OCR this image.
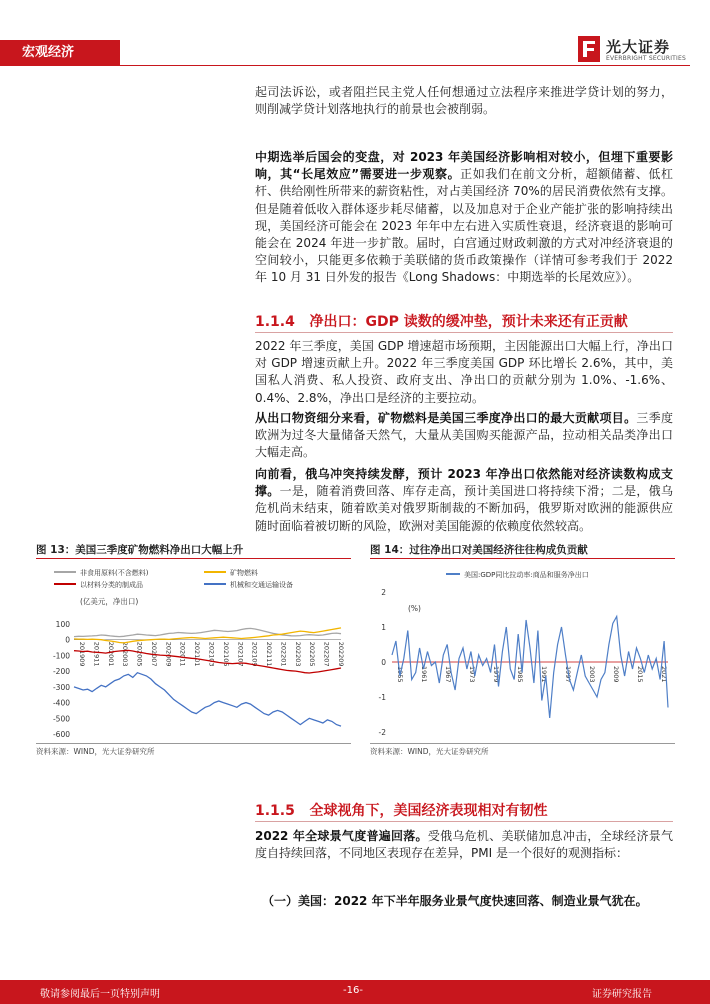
宏观经济	光大证券
EVERBRIGHT SECURITIES

起司法诉讼，或者阻拦民主党人任何想通过立法程序来推进学贷计划的努力，则削减学贷计划落地执行的前景也会被削弱。

中期选举后国会的变盘，对 2023 年美国经济影响相对较小，但埋下重要影响，其“长尾效应”需要进一步观察。正如我们在前文分析，超额储蓄、低杠杆、供给刚性所带来的薪资粘性，对占美国经济 70%的居民消费依然有支撑。但是随着低收入群体逐步耗尽储蓄，以及加息对于企业产能扩张的影响持续出现，美国经济可能会在 2023 年年中左右进入实质性衰退，经济衰退的影响可能会在 2024 年进一步扩散。届时，白宫通过财政刺激的方式对冲经济衰退的空间较小，只能更多依赖于美联储的货币政策操作（详情可参考我们于 2022 年 10 月 31 日外发的报告《Long Shadows：中期选举的长尾效应》）。

1.1.4 净出口：GDP 读数的缓冲垫，预计未来还有正贡献

2022 年三季度，美国 GDP 增速超市场预期，主因能源出口大幅上行，净出口对 GDP 增速贡献上升。2022 年三季度美国 GDP 环比增长 2.6%，其中，美国私人消费、私人投资、政府支出、净出口的贡献分别为 1.0%、-1.6%、0.4%、2.8%，净出口是经济的主要拉动。

从出口物资细分来看，矿物燃料是美国三季度净出口的最大贡献项目。三季度欧洲为过冬大量储备天然气，大量从美国购买能源产品，拉动相关品类净出口大幅走高。

向前看，俄乌冲突持续发酵，预计 2023 年净出口依然能对经济读数构成支撑。一是，随着消费回落、库存走高，预计美国进口将持续下滑；二是，俄乌危机尚未结束，随着欧美对俄罗斯制裁的不断加码，俄罗斯对欧洲的能源供应随时面临着被切断的风险，欧洲对美国能源的依赖度依然较高。

图 13：美国三季度矿物燃料净出口大幅上升
非食用原料(不含燃料)	矿物燃料
以材料分类的制成品	机械和交通运输设备
(亿美元，净出口)
100
0
-100
-200
-300
-400
-500
-600
201909 201911 202001 202003 202005 202007 202009 202011 202101 202103 202105 202107 202109 202111 202201 202203 202205 202207 202209
资料来源：WIND，光大证券研究所
图 14：过往净出口对美国经济往往构成负贡献
美国:GDP同比拉动率:商品和服务净出口
(%)
2
1
0
-1
-2
1955 1961 1967 1973 1979 1985 1991 1997 2003 2009 2015 2021
资料来源：WIND，光大证券研究所
1.1.5 全球视角下，美国经济表现相对有韧性

2022 年全球景气度普遍回落。受俄乌危机、美联储加息冲击，全球经济景气度自持续回落，不同地区表现存在差异，PMI 是一个很好的观测指标：

（一）美国：2022 年下半年服务业景气度快速回落、制造业景气犹在。
敬请参阅最后一页特别声明	-16-	证券研究报告
